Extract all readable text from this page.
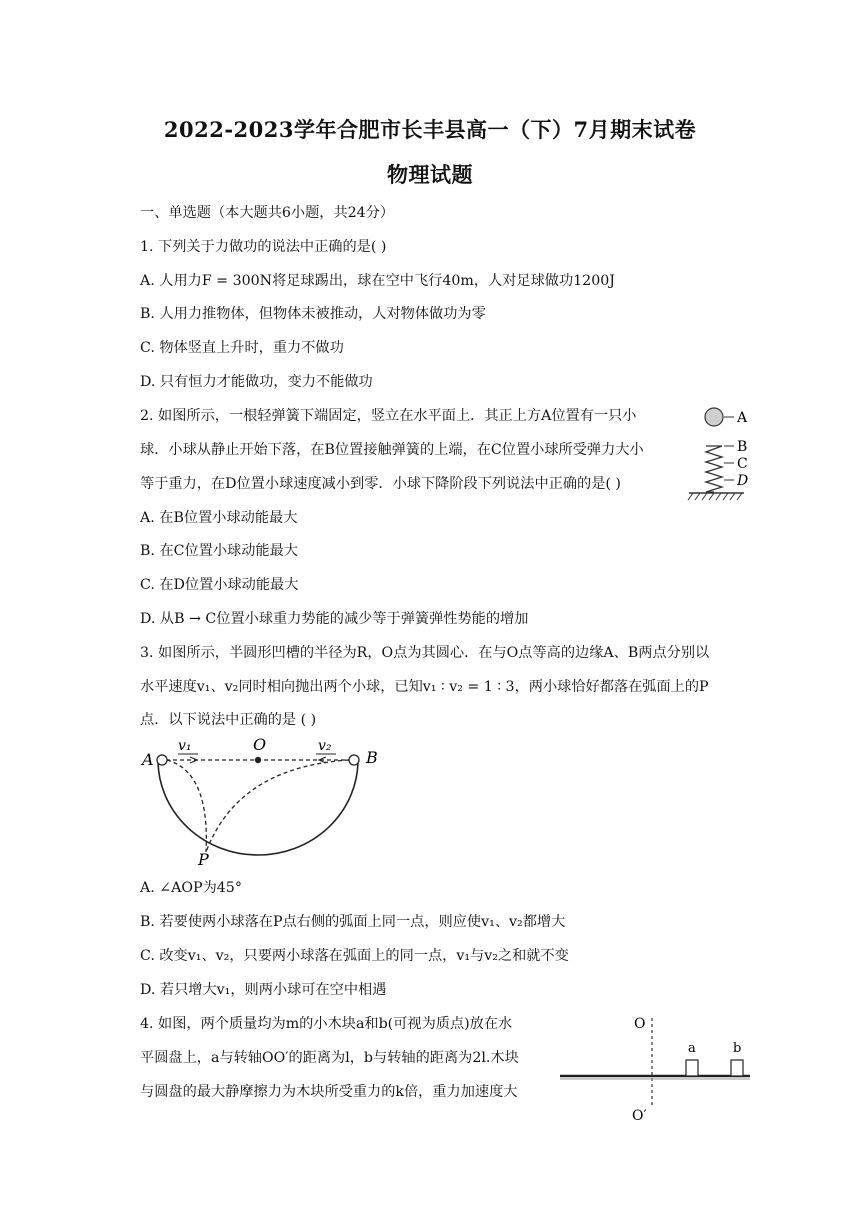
2022-2023学年合肥市长丰县高一（下）7月期末试卷
物理试题
一、单选题（本大题共6小题，共24分）
1. 下列关于力做功的说法中正确的是( )
A. 人用力F = 300N将足球踢出，球在空中飞行40m，人对足球做功1200J
B. 人用力推物体，但物体未被推动，人对物体做功为零
C. 物体竖直上升时，重力不做功
D. 只有恒力才能做功，变力不能做功
2. 如图所示，一根轻弹簧下端固定，竖立在水平面上．其正上方A位置有一只小
球．小球从静止开始下落，在B位置接触弹簧的上端，在C位置小球所受弹力大小
等于重力，在D位置小球速度减小到零．小球下降阶段下列说法中正确的是( )
A. 在B位置小球动能最大
B. 在C位置小球动能最大
C. 在D位置小球动能最大
D. 从B → C位置小球重力势能的减少等于弹簧弹性势能的增加
A
B
C
D
3. 如图所示，半圆形凹槽的半径为R，O点为其圆心．在与O点等高的边缘A、B两点分别以
水平速度v₁、v₂同时相向抛出两个小球，已知v₁ ∶ v₂ = 1 ∶ 3，两小球恰好都落在弧面上的P
点．以下说法中正确的是 ( )
A	B
O
v₁	v₂
P
A. ∠AOP为45°
B. 若要使两小球落在P点右侧的弧面上同一点，则应使v₁、v₂都增大
C. 改变v₁、v₂，只要两小球落在弧面上的同一点，v₁与v₂之和就不变
D. 若只增大v₁，则两小球可在空中相遇
4. 如图，两个质量均为m的小木块a和b(可视为质点)放在水
平圆盘上，a与转轴OO′的距离为l，b与转轴的距离为2l.木块
与圆盘的最大静摩擦力为木块所受重力的k倍，重力加速度大
O
O′
a	b
